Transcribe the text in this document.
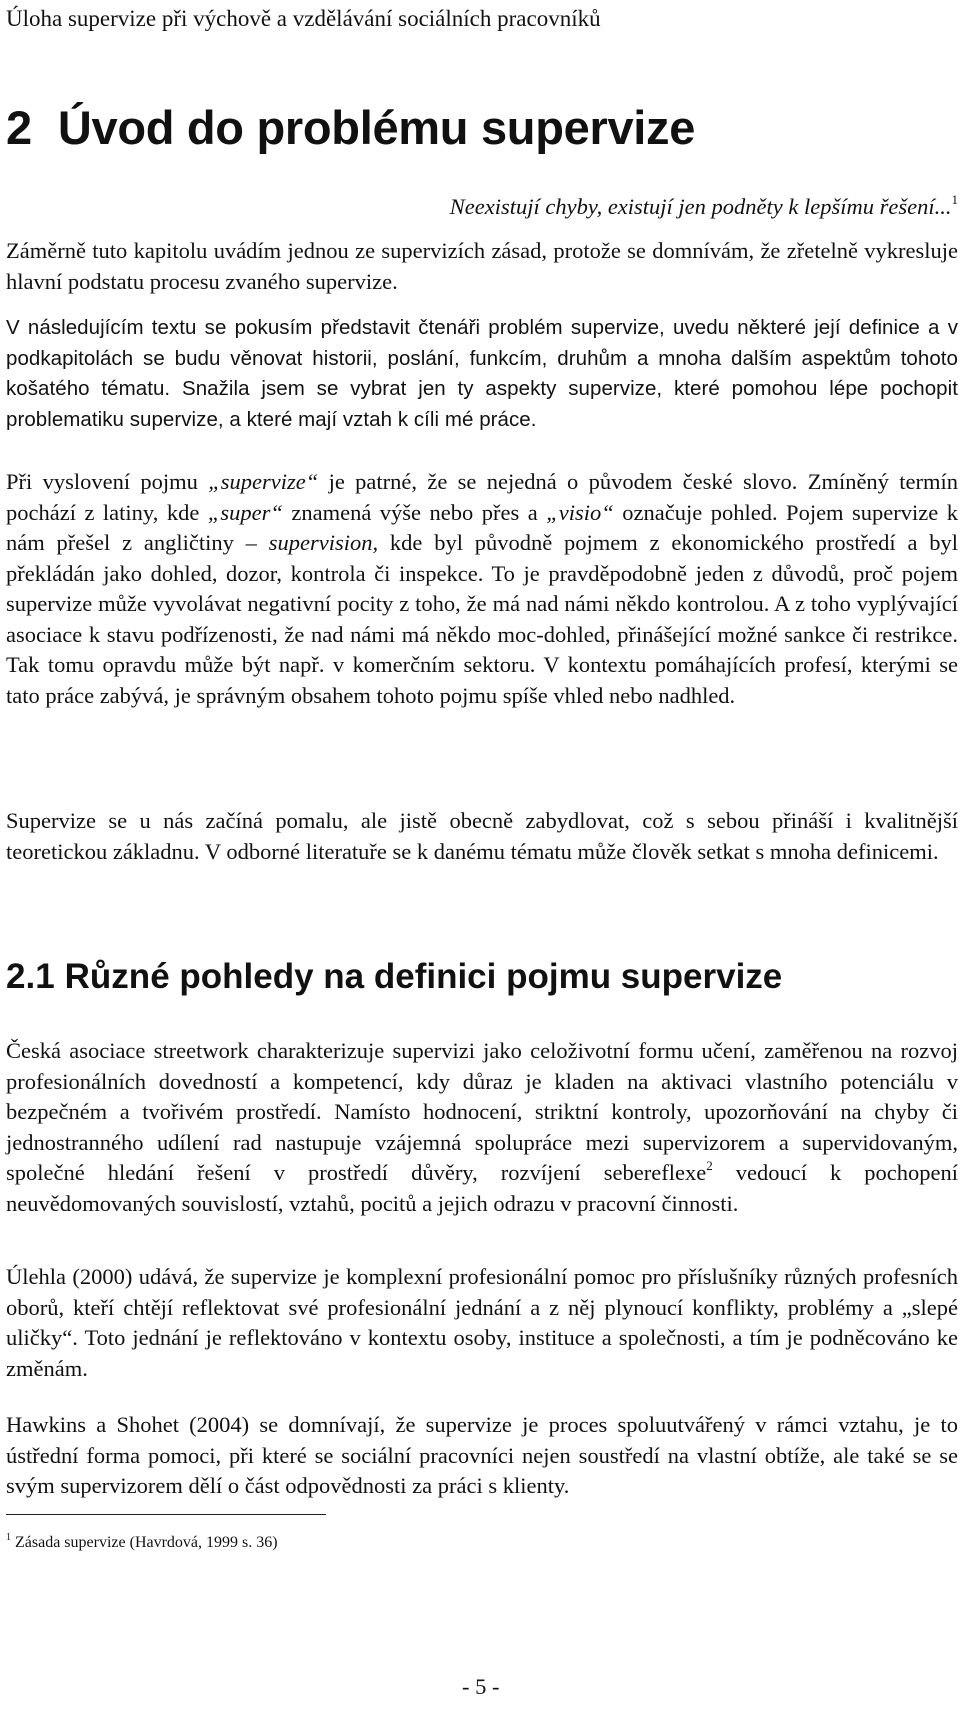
Úloha supervize při výchově a vzdělávání sociálních pracovníků
2 Úvod do problému supervize
Neexistují chyby, existují jen podněty k lepšímu řešení...$^1$

Záměrně tuto kapitolu uvádím jednou ze supervizích zásad, protože se domnívám, že zřetelně vykresluje hlavní podstatu procesu zvaného supervize.

V následujícím textu se pokusím představit čtenáři problém supervize, uvedu některé její definice a v podkapitolách se budu věnovat historii, poslání, funkcím, druhům a mnoha dalším aspektům tohoto košatého tématu. Snažila jsem se vybrat jen ty aspekty supervize, které pomohou lépe pochopit problematiku supervize, a které mají vztah k cíli mé práce.

Při vyslovení pojmu „supervize“ je patrné, že se nejedná o původem české slovo. Zmíněný termín pochází z latiny, kde „super“ znamená výše nebo přes a „visio“ označuje pohled. Pojem supervize k nám přešel z angličtiny – supervision, kde byl původně pojmem z ekonomického prostředí a byl překládán jako dohled, dozor, kontrola či inspekce. To je pravděpodobně jeden z důvodů, proč pojem supervize může vyvolávat negativní pocity z toho, že má nad námi někdo kontrolou. A z toho vyplývající asociace k stavu podřízenosti, že nad námi má někdo moc-dohled, přinášející možné sankce či restrikce. Tak tomu opravdu může být např. v komerčním sektoru. V kontextu pomáhajících profesí, kterými se tato práce zabývá, je správným obsahem tohoto pojmu spíše vhled nebo nadhled.

Supervize se u nás začíná pomalu, ale jistě obecně zabydlovat, což s sebou přináší i kvalitnější teoretickou základnu. V odborné literatuře se k danému tématu může člověk setkat s mnoha definicemi.

2.1 Různé pohledy na definici pojmu supervize

Česká asociace streetwork charakterizuje supervizi jako celoživotní formu učení, zaměřenou na rozvoj profesionálních dovedností a kompetencí, kdy důraz je kladen na aktivaci vlastního potenciálu v bezpečném a tvořivém prostředí. Namísto hodnocení, striktní kontroly, upozorňování na chyby či jednostranného udílení rad nastupuje vzájemná spolupráce mezi supervizorem a supervidovaným, společné hledání řešení v prostředí důvěry, rozvíjení sebereflexe$^2$ vedoucí k pochopení neuvědomovaných souvislostí, vztahů, pocitů a jejich odrazu v pracovní činnosti.

Úlehla (2000) udává, že supervize je komplexní profesionální pomoc pro příslušníky různých profesních oborů, kteří chtějí reflektovat své profesionální jednání a z něj plynoucí konflikty, problémy a „slepé uličky“. Toto jednání je reflektováno v kontextu osoby, instituce a společnosti, a tím je podněcováno ke změnám.

Hawkins a Shohet (2004) se domnívají, že supervize je proces spoluutvářený v rámci vztahu, je to ústřední forma pomoci, při které se sociální pracovníci nejen soustředí na vlastní obtíže, ale také se se svým supervizorem dělí o část odpovědnosti za práci s klienty.

$^1$ Zásada supervize (Havrdová, 1999 s. 36)
- 5 -
